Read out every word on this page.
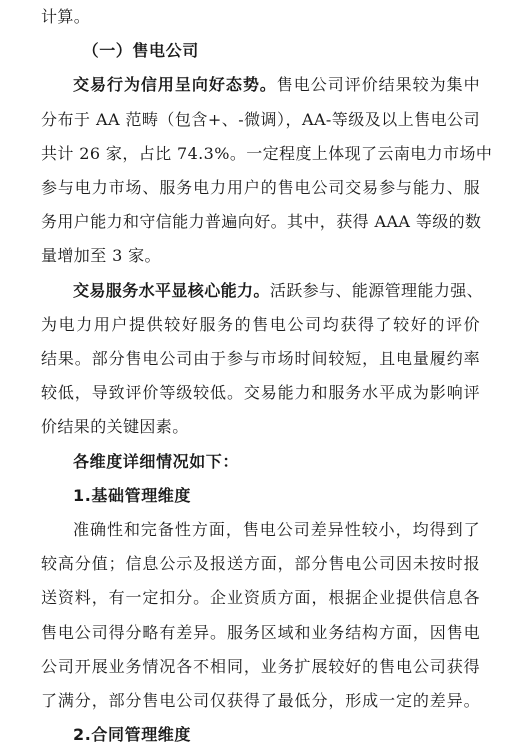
计算。
（一）售电公司
交易行为信用呈向好态势。售电公司评价结果较为集中
分布于 AA 范畴（包含+、-微调），AA-等级及以上售电公司
共计 26 家，占比 74.3%。一定程度上体现了云南电力市场中
参与电力市场、服务电力用户的售电公司交易参与能力、服
务用户能力和守信能力普遍向好。其中，获得 AAA 等级的数
量增加至 3 家。
交易服务水平显核心能力。活跃参与、能源管理能力强、
为电力用户提供较好服务的售电公司均获得了较好的评价
结果。部分售电公司由于参与市场时间较短，且电量履约率
较低，导致评价等级较低。交易能力和服务水平成为影响评
价结果的关键因素。
各维度详细情况如下：
1.基础管理维度
准确性和完备性方面，售电公司差异性较小，均得到了
较高分值；信息公示及报送方面，部分售电公司因未按时报
送资料，有一定扣分。企业资质方面，根据企业提供信息各
售电公司得分略有差异。服务区域和业务结构方面，因售电
公司开展业务情况各不相同，业务扩展较好的售电公司获得
了满分，部分售电公司仅获得了最低分，形成一定的差异。
2.合同管理维度
